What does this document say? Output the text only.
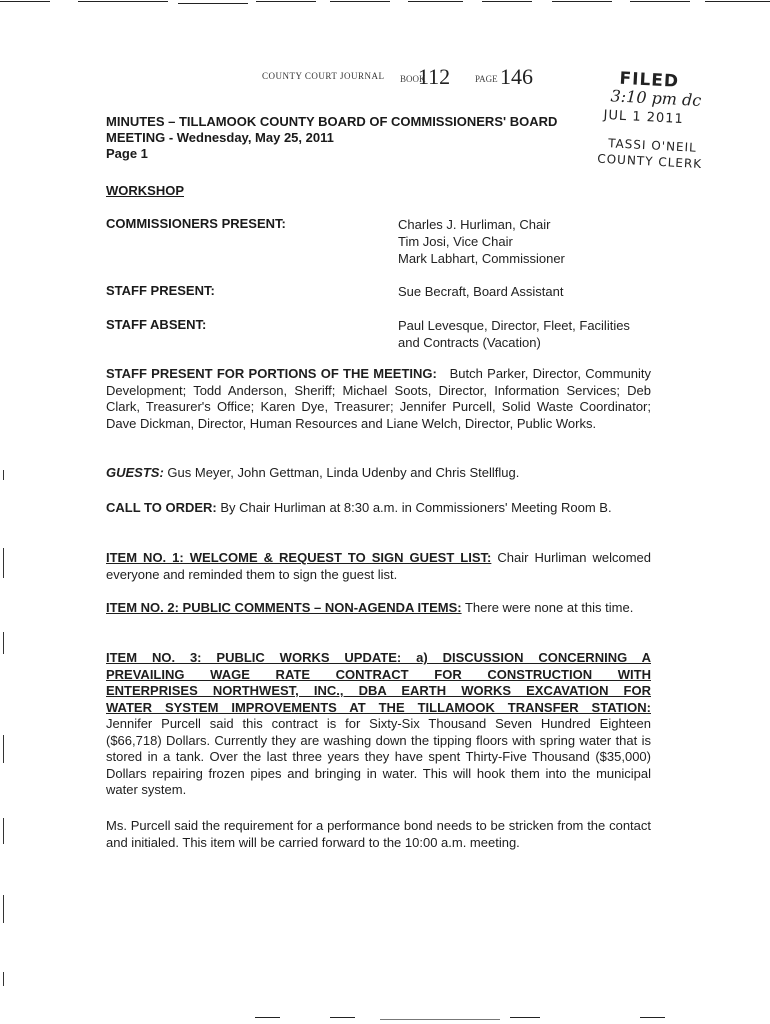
COUNTY COURT JOURNAL BOOK
112	PAGE 146	FILED
3:10 pm dc
JUL 1 2011
TASSI O'NEIL
COUNTY CLERK
MINUTES – TILLAMOOK COUNTY BOARD OF COMMISSIONERS' BOARD
MEETING - Wednesday, May 25, 2011
Page 1
WORKSHOP
COMMISSIONERS PRESENT:	Charles J. Hurliman, Chair
Tim Josi, Vice Chair
Mark Labhart, Commissioner
STAFF PRESENT:	Sue Becraft, Board Assistant
STAFF ABSENT:	Paul Levesque, Director, Fleet, Facilities
and Contracts (Vacation)
STAFF PRESENT FOR PORTIONS OF THE MEETING: Butch Parker, Director, Community Development; Todd Anderson, Sheriff; Michael Soots, Director, Information Services; Deb Clark, Treasurer's Office; Karen Dye, Treasurer; Jennifer Purcell, Solid Waste Coordinator; Dave Dickman, Director, Human Resources and Liane Welch, Director, Public Works.
GUESTS: Gus Meyer, John Gettman, Linda Udenby and Chris Stellflug.
CALL TO ORDER: By Chair Hurliman at 8:30 a.m. in Commissioners' Meeting Room B.
ITEM NO. 1: WELCOME & REQUEST TO SIGN GUEST LIST: Chair Hurliman welcomed everyone and reminded them to sign the guest list.
ITEM NO. 2: PUBLIC COMMENTS – NON-AGENDA ITEMS: There were none at this time.
ITEM NO. 3: PUBLIC WORKS UPDATE: a) DISCUSSION CONCERNING A
PREVAILING WAGE RATE CONTRACT FOR CONSTRUCTION WITH
ENTERPRISES NORTHWEST, INC., DBA EARTH WORKS EXCAVATION FOR
WATER SYSTEM IMPROVEMENTS AT THE TILLAMOOK TRANSFER STATION:
Jennifer Purcell said this contract is for Sixty-Six Thousand Seven Hundred Eighteen ($66,718) Dollars. Currently they are washing down the tipping floors with spring water that is stored in a tank. Over the last three years they have spent Thirty-Five Thousand ($35,000) Dollars repairing frozen pipes and bringing in water. This will hook them into the municipal water system.
Ms. Purcell said the requirement for a performance bond needs to be stricken from the contact and initialed. This item will be carried forward to the 10:00 a.m. meeting.
